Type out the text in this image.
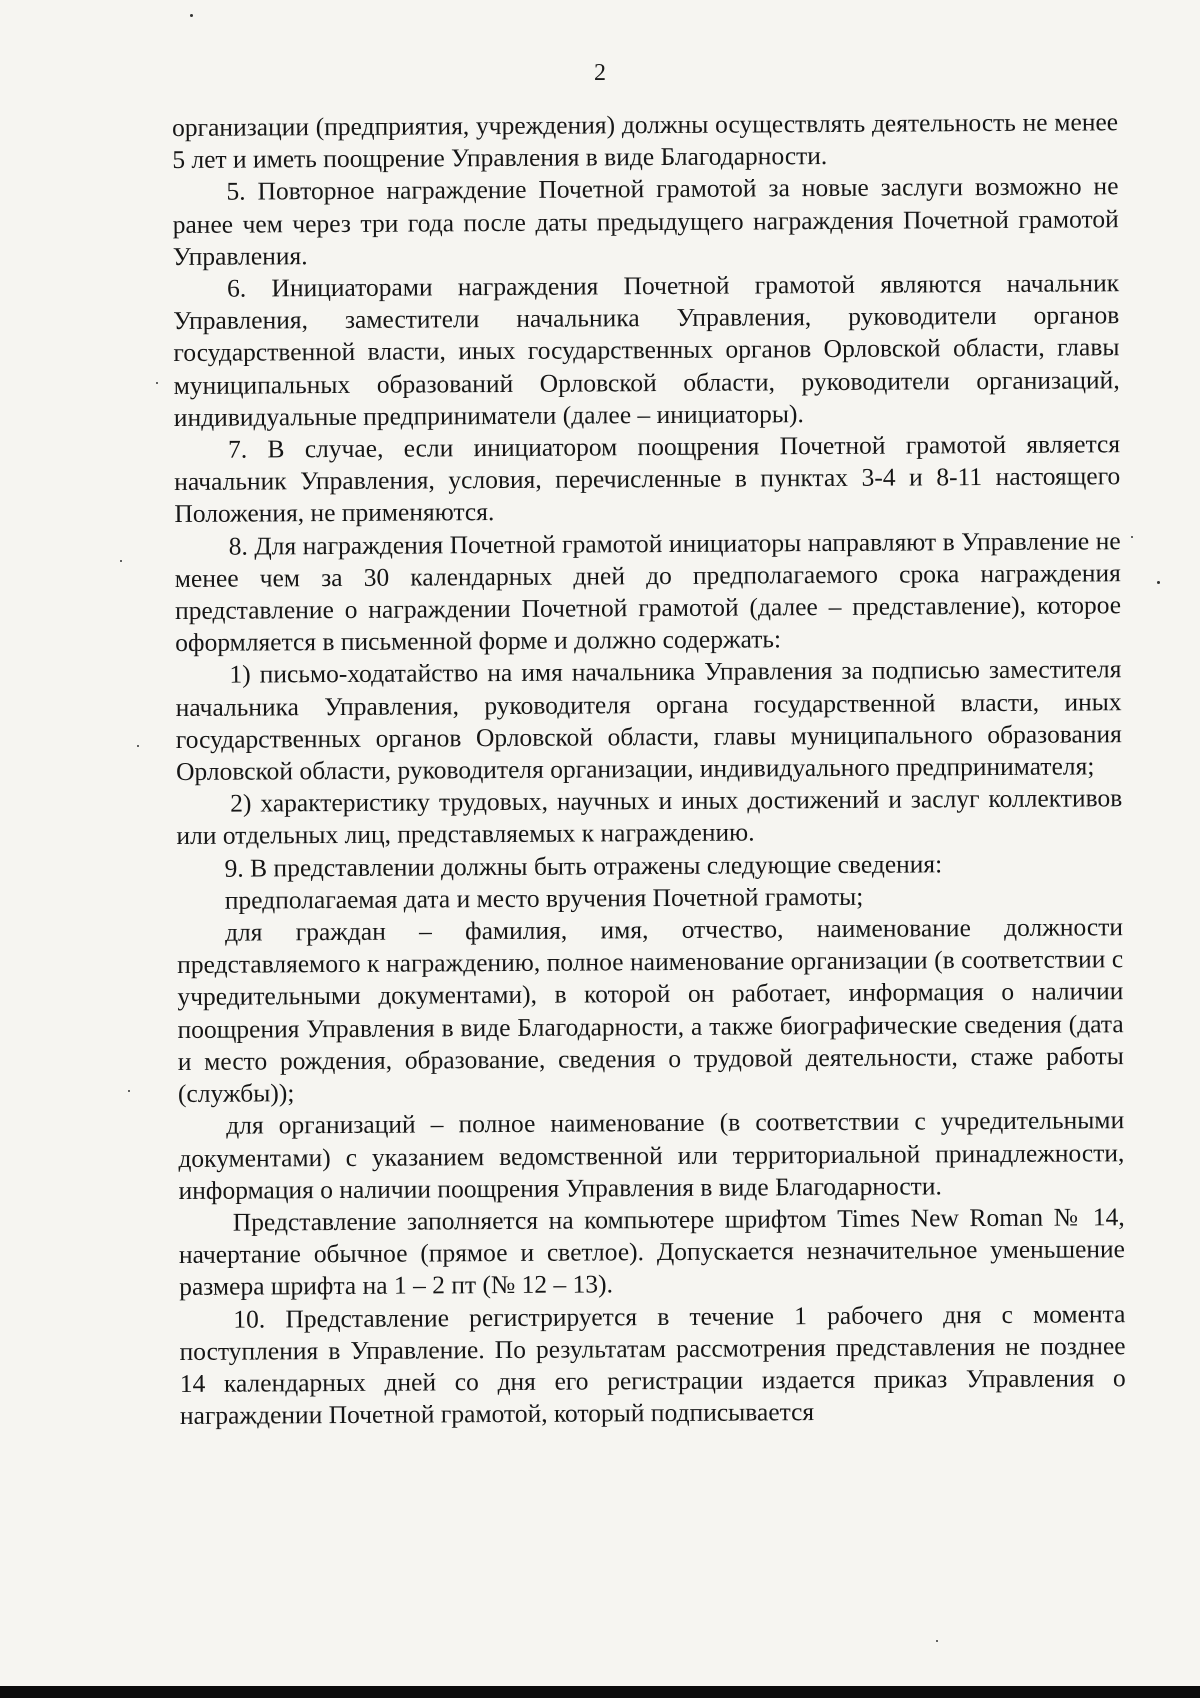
2

организации (предприятия, учреждения) должны осуществлять деятельность не менее 5 лет и иметь поощрение Управления в виде Благодарности.

5. Повторное награждение Почетной грамотой за новые заслуги возможно не ранее чем через три года после даты предыдущего награждения Почетной грамотой Управления.

6. Инициаторами награждения Почетной грамотой являются начальник Управления, заместители начальника Управления, руководители органов государственной власти, иных государственных органов Орловской области, главы муниципальных образований Орловской области, руководители организаций, индивидуальные предприниматели (далее – инициаторы).

7. В случае, если инициатором поощрения Почетной грамотой является начальник Управления, условия, перечисленные в пунктах 3-4 и 8-11 настоящего Положения, не применяются.

8. Для награждения Почетной грамотой инициаторы направляют в Управление не менее чем за 30 календарных дней до предполагаемого срока награждения представление о награждении Почетной грамотой (далее – представление), которое оформляется в письменной форме и должно содержать:

1) письмо-ходатайство на имя начальника Управления за подписью заместителя начальника Управления, руководителя органа государственной власти, иных государственных органов Орловской области, главы муниципального образования Орловской области, руководителя организации, индивидуального предпринимателя;

2) характеристику трудовых, научных и иных достижений и заслуг коллективов или отдельных лиц, представляемых к награждению.

9. В представлении должны быть отражены следующие сведения:

предполагаемая дата и место вручения Почетной грамоты;

для граждан – фамилия, имя, отчество, наименование должности представляемого к награждению, полное наименование организации (в соответствии с учредительными документами), в которой он работает, информация о наличии поощрения Управления в виде Благодарности, а также биографические сведения (дата и место рождения, образование, сведения о трудовой деятельности, стаже работы (службы));

для организаций – полное наименование (в соответствии с учредительными документами) с указанием ведомственной или территориальной принадлежности, информация о наличии поощрения Управления в виде Благодарности.

Представление заполняется на компьютере шрифтом Times New Roman № 14, начертание обычное (прямое и светлое). Допускается незначительное уменьшение размера шрифта на 1 – 2 пт (№ 12 – 13).

10. Представление регистрируется в течение 1 рабочего дня с момента поступления в Управление. По результатам рассмотрения представления не позднее 14 календарных дней со дня его регистрации издается приказ Управления о награждении Почетной грамотой, который подписывается
